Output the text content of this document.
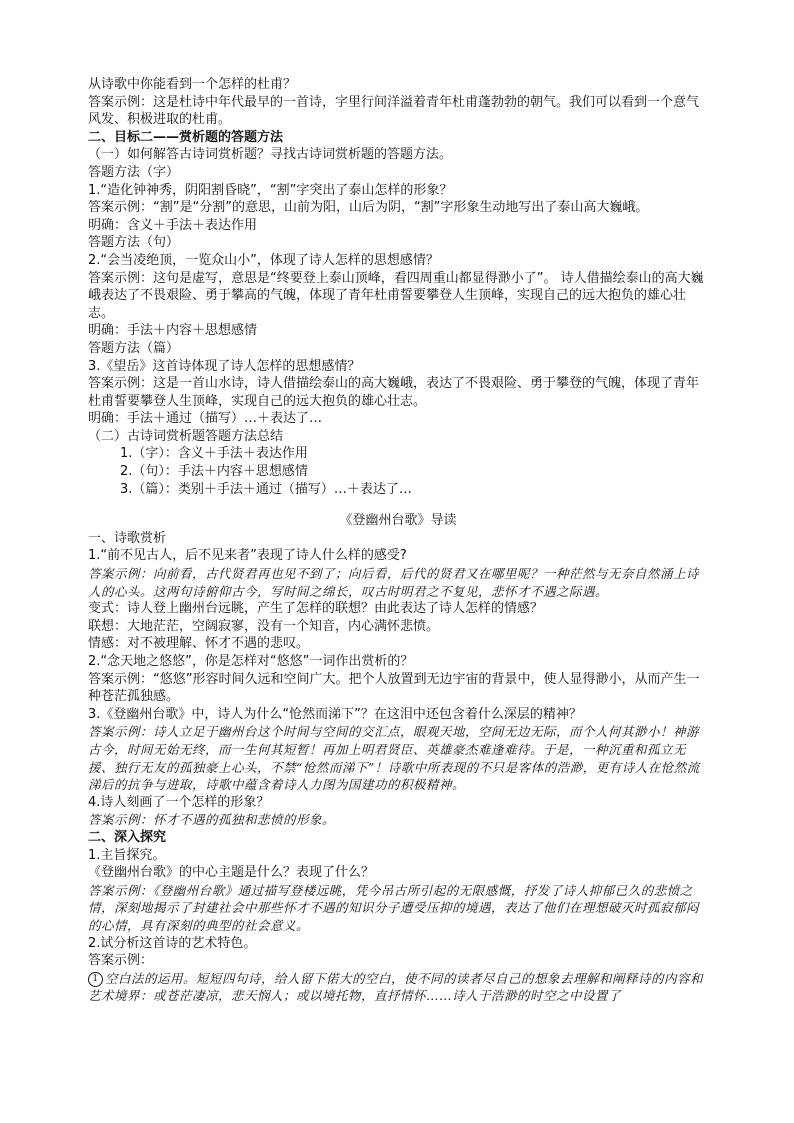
从诗歌中你能看到一个怎样的杜甫？

答案示例：这是杜诗中年代最早的一首诗，字里行间洋溢着青年杜甫蓬勃勃的朝气。我们可以看到一个意气风发、积极进取的杜甫。

二、目标二——赏析题的答题方法

（一）如何解答古诗词赏析题？寻找古诗词赏析题的答题方法。

答题方法（字）

1.“造化钟神秀，阴阳割昏晓”，“割”字突出了泰山怎样的形象？

答案示例：“割”是“分割”的意思，山前为阳，山后为阴，“割”字形象生动地写出了泰山高大巍峨。

明确：含义＋手法＋表达作用

答题方法（句）

2.“会当凌绝顶，一览众山小”，体现了诗人怎样的思想感情？

答案示例：这句是虚写，意思是“终要登上泰山顶峰，看四周重山都显得渺小了”。 诗人借描绘泰山的高大巍峨表达了不畏艰险、勇于攀高的气魄，体现了青年杜甫誓要攀登人生顶峰，实现自己的远大抱负的雄心壮志。

明确：手法＋内容＋思想感情

答题方法（篇）

3.《望岳》这首诗体现了诗人怎样的思想感情？

答案示例：这是一首山水诗，诗人借描绘泰山的高大巍峨，表达了不畏艰险、勇于攀登的气魄，体现了青年杜甫誓要攀登人生顶峰，实现自己的远大抱负的雄心壮志。

明确：手法＋通过（描写）…＋表达了…

（二）古诗词赏析题答题方法总结

1.（字）：含义＋手法＋表达作用

2.（句）：手法＋内容＋思想感情

3.（篇）：类别＋手法＋通过（描写）…＋表达了…

《登幽州台歌》导读

一、诗歌赏析

1.“前不见古人，后不见来者”表现了诗人什么样的感受?

答案示例：向前看，古代贤君再也见不到了；向后看，后代的贤君又在哪里呢？一种茫然与无奈自然涌上诗人的心头。这两句诗俯仰古今，写时间之绵长，叹古时明君之不复见，悲怀才不遇之际遇。

变式：诗人登上幽州台远眺，产生了怎样的联想？由此表达了诗人怎样的情感？

联想：大地茫茫，空阔寂寥，没有一个知音，内心满怀悲愤。

情感：对不被理解、怀才不遇的悲叹。

2.“念天地之悠悠”，你是怎样对“悠悠”一词作出赏析的？

答案示例：“悠悠”形容时间久远和空间广大。把个人放置到无边宇宙的背景中，使人显得渺小，从而产生一种苍茫孤独感。

3.《登幽州台歌》中，诗人为什么“怆然而涕下”？在这泪中还包含着什么深层的精神？

答案示例：诗人立足于幽州台这个时间与空间的交汇点，眼观天地，空间无边无际，而个人何其渺小！神游古今，时间无始无终，而一生何其短暂！再加上明君贤臣、英雄豪杰难逢难待。于是，一种沉重和孤立无援、独行无友的孤独豪上心头，不禁“怆然而涕下”！诗歌中所表现的不只是客体的浩渺，更有诗人在怆然流涕后的抗争与进取，诗歌中蕴含着诗人力图为国建功的积极精神。

4.诗人刻画了一个怎样的形象？

答案示例：怀才不遇的孤独和悲愤的形象。

二、深入探究

1.主旨探究。

《登幽州台歌》的中心主题是什么？表现了什么？

答案示例：《登幽州台歌》通过描写登楼远眺，凭今吊古所引起的无限感慨，抒发了诗人抑郁已久的悲愤之情，深刻地揭示了封建社会中那些怀才不遇的知识分子遭受压抑的境遇，表达了他们在理想破灭时孤寂郁闷的心情，具有深刻的典型的社会意义。

2.试分析这首诗的艺术特色。

答案示例：

1 空白法的运用。短短四句诗，给人留下偌大的空白，使不同的读者尽自己的想象去理解和阐释诗的内容和艺术境界：或苍茫凄凉，悲天悯人；或以境托物，直抒情怀……诗人于浩渺的时空之中设置了
